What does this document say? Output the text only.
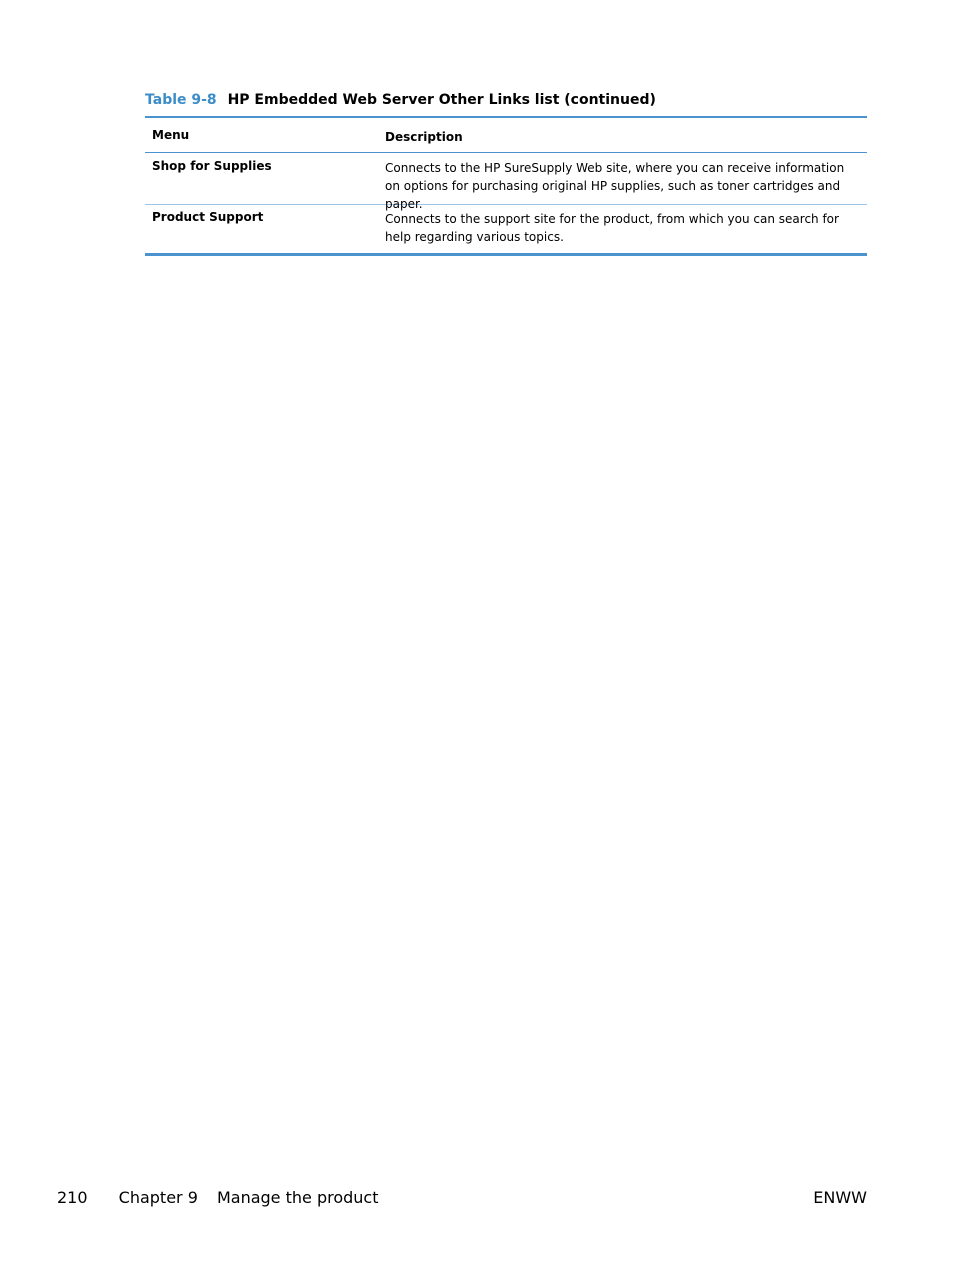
Table 9-8 HP Embedded Web Server Other Links list (continued)
Menu	Description
Shop for Supplies	Connects to the HP SureSupply Web site, where you can receive information on options for purchasing original HP supplies, such as toner cartridges and paper.
Product Support	Connects to the support site for the product, from which you can search for help regarding various topics.
210 Chapter 9 Manage the product	ENWW
